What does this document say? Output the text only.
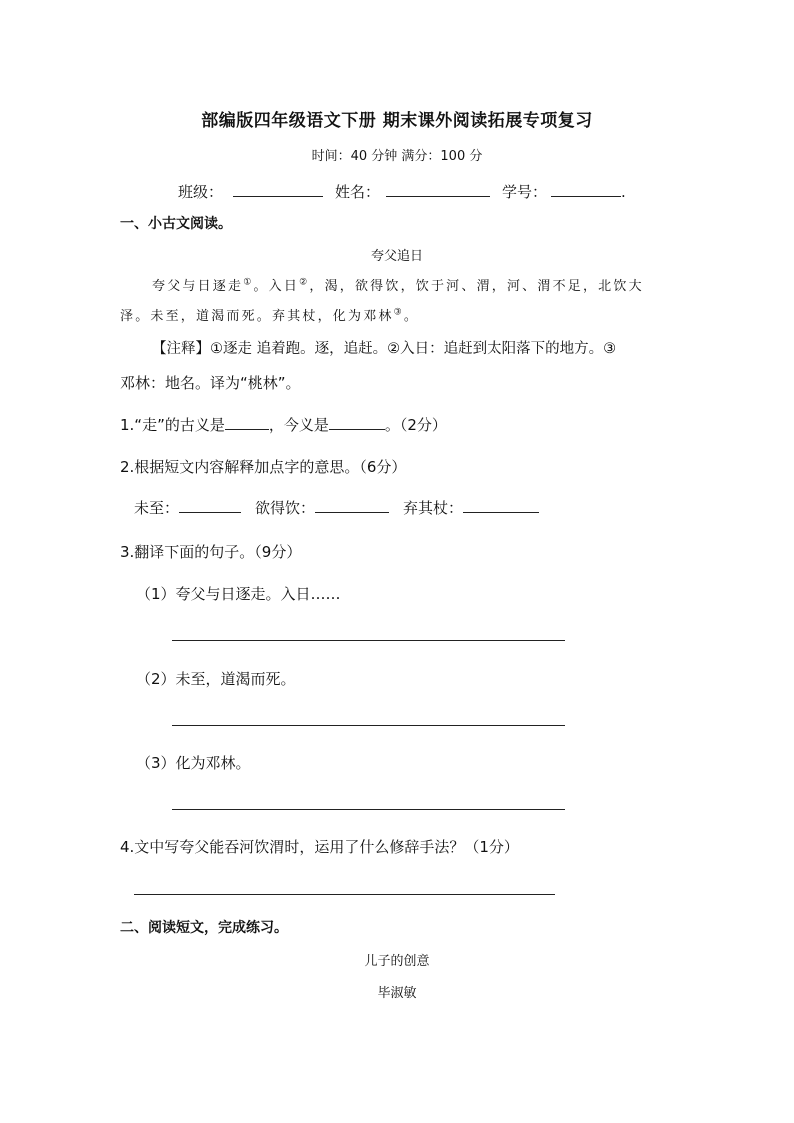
部编版四年级语文下册 期末课外阅读拓展专项复习
时间：40 分钟 满分：100 分
班级：	姓名：	学号：	.
一、小古文阅读。
夸父追日
夸父与日逐走①。入日②，渴，欲得饮，饮于河、渭，河、渭不足，北饮大
泽。未至，道渴而死。弃其杖，化为邓林③。
【注释】①逐走 追着跑。逐，追赶。②入日：追赶到太阳落下的地方。③
邓林：地名。译为“桃林”。
1.“走”的古义是	，今义是	。（2分）
2.根据短文内容解释加点字的意思。（6分）
未至：	欲得饮：	弃其杖：
3.翻译下面的句子。（9分）
（1）夸父与日逐走。入日……
（2）未至，道渴而死。
（3）化为邓林。
4.文中写夸父能吞河饮渭时，运用了什么修辞手法？（1分）
二、阅读短文，完成练习。
儿子的创意
毕淑敏
